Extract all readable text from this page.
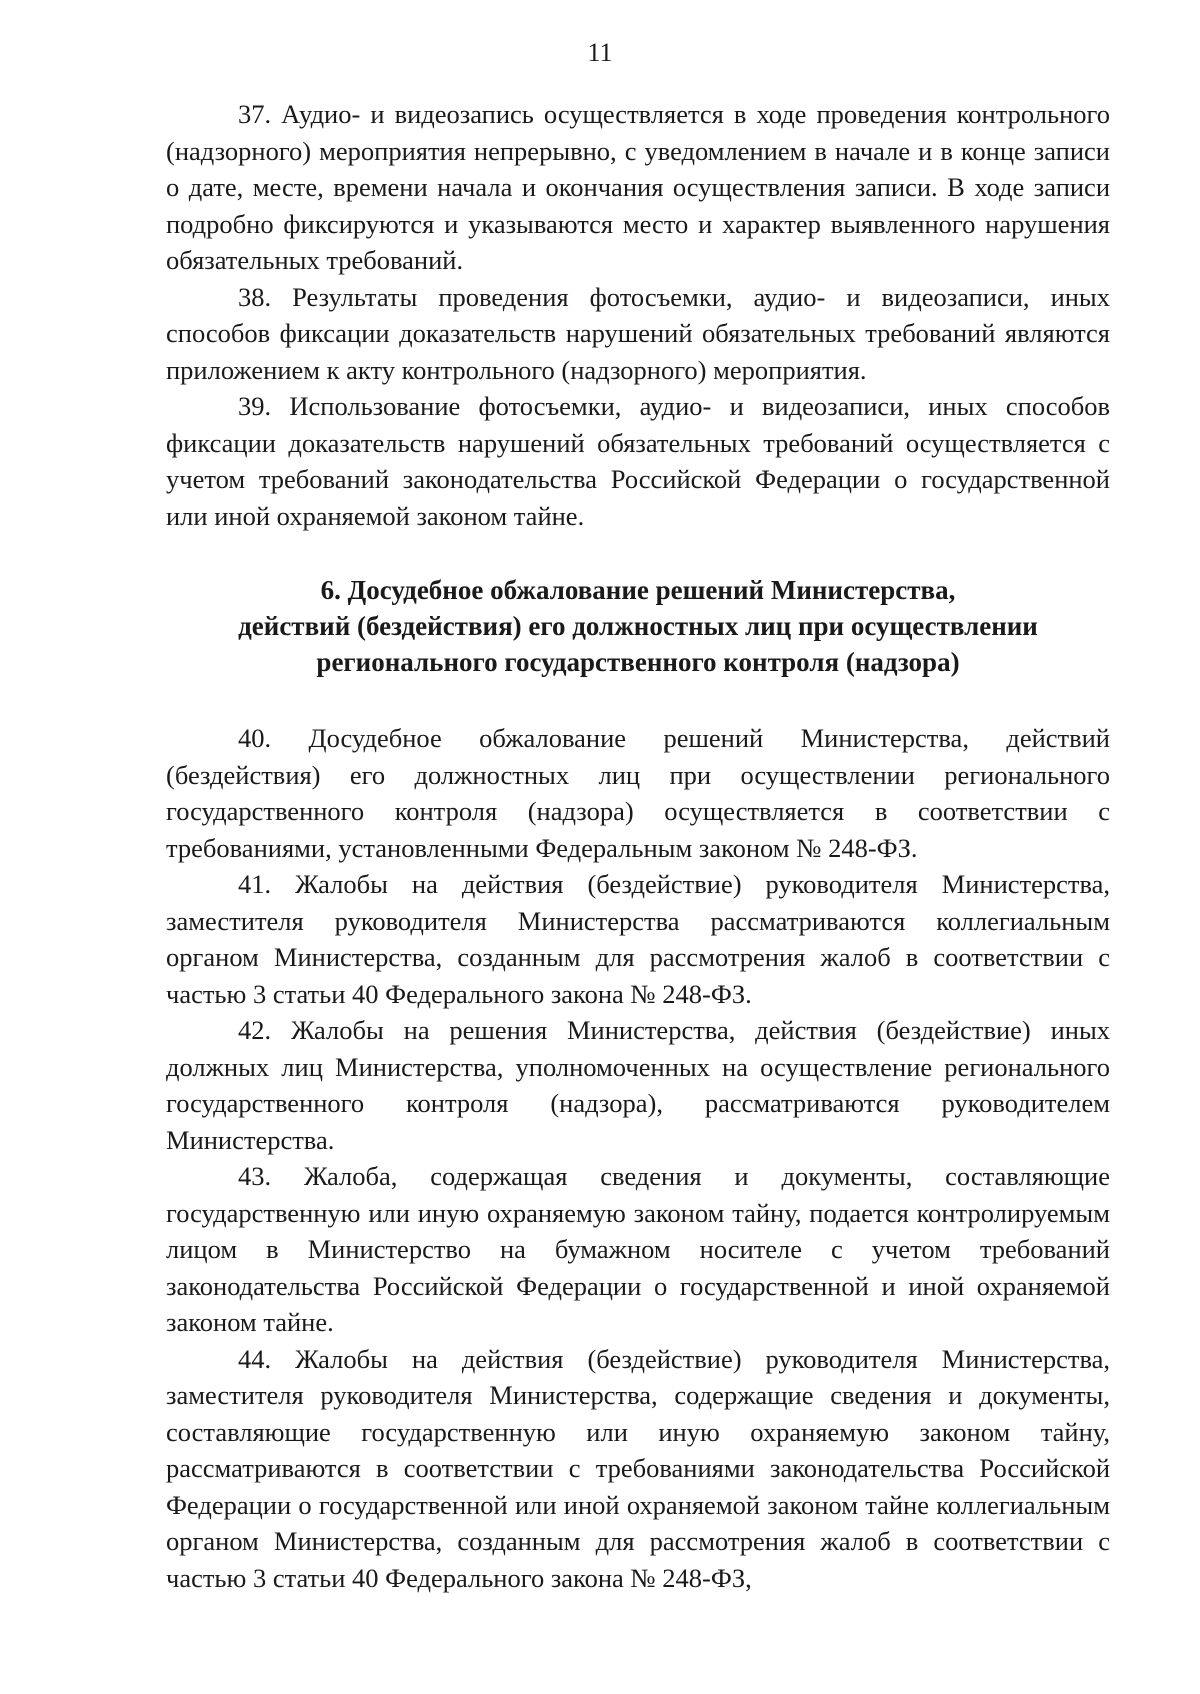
11

37. Аудио- и видеозапись осуществляется в ходе проведения контрольного (надзорного) мероприятия непрерывно, с уведомлением в начале и в конце записи о дате, месте, времени начала и окончания осуществления записи. В ходе записи подробно фиксируются и указываются место и характер выявленного нарушения обязательных требований.

38. Результаты проведения фотосъемки, аудио- и видеозаписи, иных способов фиксации доказательств нарушений обязательных требований являются приложением к акту контрольного (надзорного) мероприятия.

39. Использование фотосъемки, аудио- и видеозаписи, иных способов фиксации доказательств нарушений обязательных требований осуществляется с учетом требований законодательства Российской Федерации о государственной или иной охраняемой законом тайне.

6. Досудебное обжалование решений Министерства,
действий (бездействия) его должностных лиц при осуществлении
регионального государственного контроля (надзора)

40. Досудебное обжалование решений Министерства, действий (бездействия) его должностных лиц при осуществлении регионального государственного контроля (надзора) осуществляется в соответствии с требованиями, установленными Федеральным законом № 248-ФЗ.

41. Жалобы на действия (бездействие) руководителя Министерства, заместителя руководителя Министерства рассматриваются коллегиальным органом Министерства, созданным для рассмотрения жалоб в соответствии с частью 3 статьи 40 Федерального закона № 248-ФЗ.

42. Жалобы на решения Министерства, действия (бездействие) иных должных лиц Министерства, уполномоченных на осуществление регионального государственного контроля (надзора), рассматриваются руководителем Министерства.

43. Жалоба, содержащая сведения и документы, составляющие государственную или иную охраняемую законом тайну, подается контролируемым лицом в Министерство на бумажном носителе с учетом требований законодательства Российской Федерации о государственной и иной охраняемой законом тайне.

44. Жалобы на действия (бездействие) руководителя Министерства, заместителя руководителя Министерства, содержащие сведения и документы, составляющие государственную или иную охраняемую законом тайну, рассматриваются в соответствии с требованиями законодательства Российской Федерации о государственной или иной охраняемой законом тайне коллегиальным органом Министерства, созданным для рассмотрения жалоб в соответствии с частью 3 статьи 40 Федерального закона № 248-ФЗ,
